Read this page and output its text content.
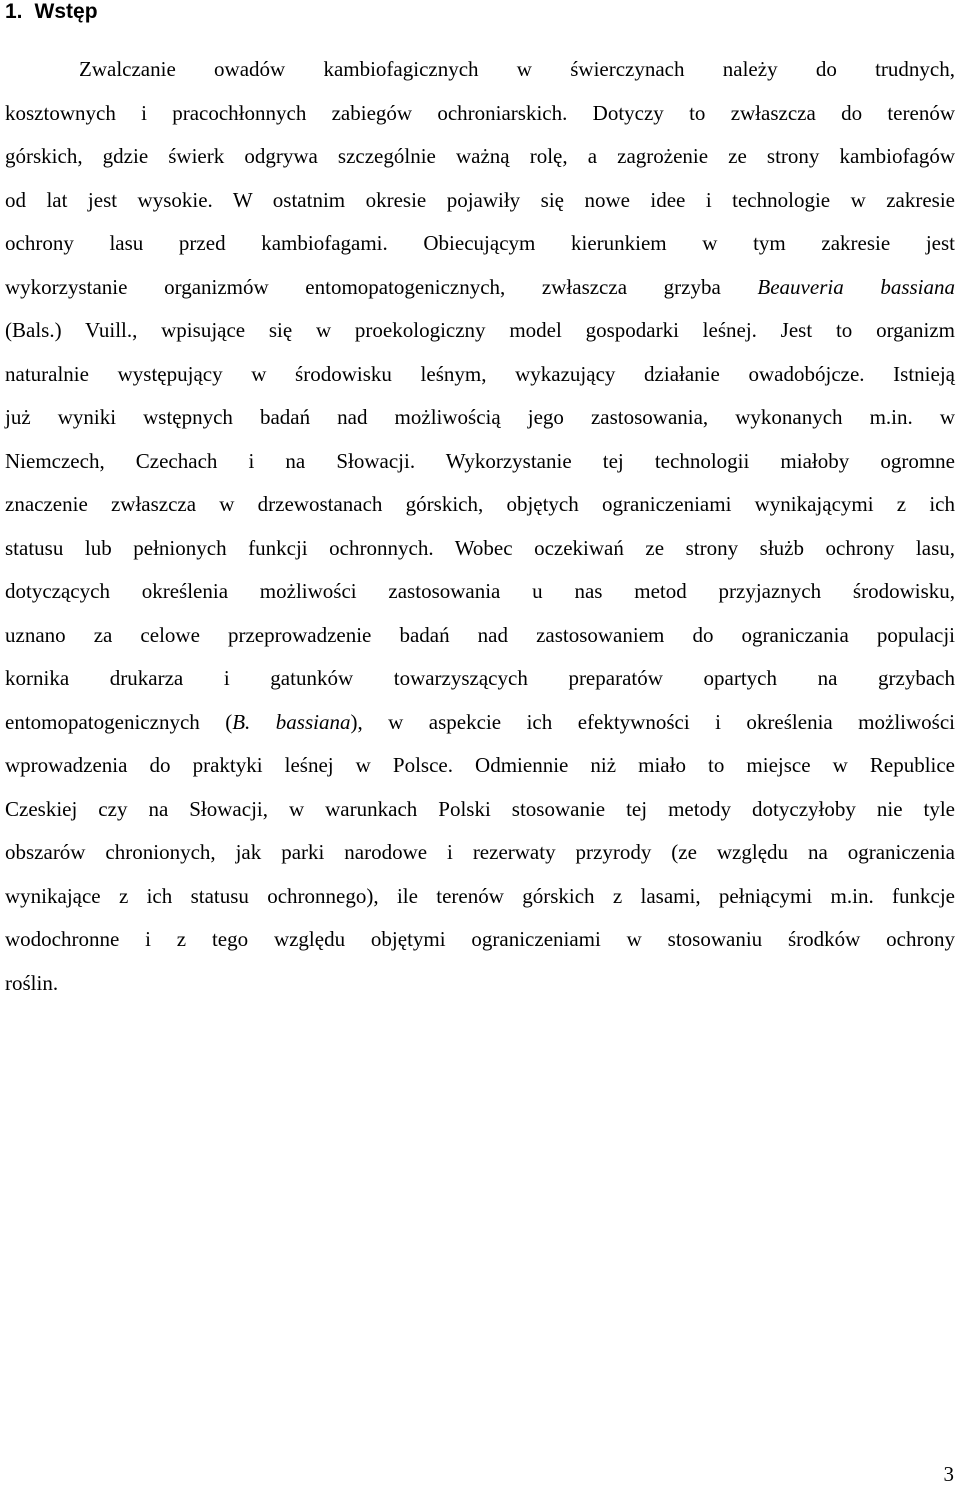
1. Wstęp
Zwalczanie owadów kambiofagicznych w świerczynach należy do trudnych,
kosztownych i pracochłonnych zabiegów ochroniarskich. Dotyczy to zwłaszcza do terenów
górskich, gdzie świerk odgrywa szczególnie ważną rolę, a zagrożenie ze strony kambiofagów
od lat jest wysokie. W ostatnim okresie pojawiły się nowe idee i technologie w zakresie
ochrony lasu przed kambiofagami. Obiecującym kierunkiem w tym zakresie jest
wykorzystanie organizmów entomopatogenicznych, zwłaszcza grzyba Beauveria bassiana
(Bals.) Vuill., wpisujące się w proekologiczny model gospodarki leśnej. Jest to organizm
naturalnie występujący w środowisku leśnym, wykazujący działanie owadobójcze. Istnieją
już wyniki wstępnych badań nad możliwością jego zastosowania, wykonanych m.in. w
Niemczech, Czechach i na Słowacji. Wykorzystanie tej technologii miałoby ogromne
znaczenie zwłaszcza w drzewostanach górskich, objętych ograniczeniami wynikającymi z ich
statusu lub pełnionych funkcji ochronnych. Wobec oczekiwań ze strony służb ochrony lasu,
dotyczących określenia możliwości zastosowania u nas metod przyjaznych środowisku,
uznano za celowe przeprowadzenie badań nad zastosowaniem do ograniczania populacji
kornika drukarza i gatunków towarzyszących preparatów opartych na grzybach
entomopatogenicznych (B. bassiana), w aspekcie ich efektywności i określenia możliwości
wprowadzenia do praktyki leśnej w Polsce. Odmiennie niż miało to miejsce w Republice
Czeskiej czy na Słowacji, w warunkach Polski stosowanie tej metody dotyczyłoby nie tyle
obszarów chronionych, jak parki narodowe i rezerwaty przyrody (ze względu na ograniczenia
wynikające z ich statusu ochronnego), ile terenów górskich z lasami, pełniącymi m.in. funkcje
wodochronne i z tego względu objętymi ograniczeniami w stosowaniu środków ochrony
roślin.
3
